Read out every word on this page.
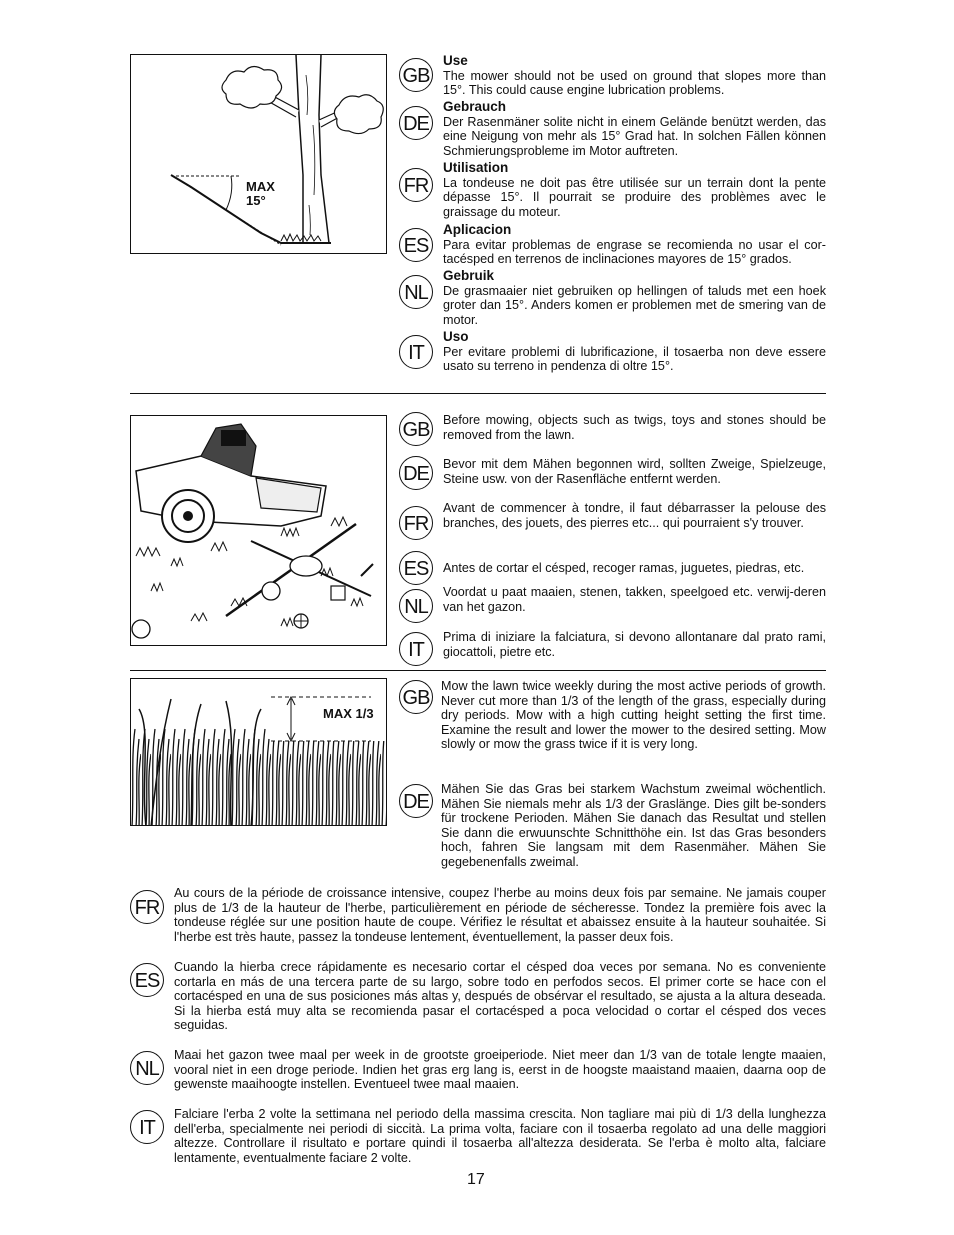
MAX
15°
GB
DE
FR
ES
NL
IT
Use
The mower should not be used on ground that slopes more than 15°. This could cause engine lubrication problems.
Gebrauch
Der Rasenmäner solite nicht in einem Gelände benützt werden, das eine Neigung von mehr als 15° Grad hat. In solchen Fällen können Schmierungsprobleme im Motor auftreten.
Utilisation
La tondeuse ne doit pas être utilisée sur un terrain dont la pente dépasse 15°. Il pourrait se produire des problèmes avec le graissage du moteur.
Aplicacion
Para evitar problemas de engrase se recomienda no usar el cor-tacésped en terrenos de inclinaciones mayores de 15° grados.
Gebruik
De grasmaaier niet gebruiken op hellingen of taluds met een hoek groter dan 15°. Anders komen er problemen met de smering van de motor.
Uso
Per evitare problemi di lubrificazione, il tosaerba non deve essere usato su terreno in pendenza di oltre 15°.
GB
DE
FR
ES
NL
IT
Before mowing, objects such as twigs, toys and stones should be removed from the lawn.
Bevor mit dem Mähen begonnen wird, sollten Zweige, Spielzeuge, Steine usw. von der Rasenfläche entfernt werden.
Avant de commencer à tondre, il faut débarrasser la pelouse des branches, des jouets, des pierres etc... qui pourraient s'y trouver.
Antes de cortar el césped, recoger ramas, juguetes, piedras, etc.
Voordat u paat maaien, stenen, takken, speelgoed etc. verwij-deren van het gazon.
Prima di iniziare la falciatura, si devono allontanare dal prato rami, giocattoli, pietre etc.
MAX 1/3
GB
DE
FR
ES
NL
IT
Mow the lawn twice weekly during the most active periods of growth. Never cut more than 1/3 of the length of the grass, especially during dry periods. Mow with a high cutting height setting the first time. Examine the result and lower the mower to the desired setting. Mow slowly or mow the grass twice if it is very long.
Mähen Sie das Gras bei starkem Wachstum zweimal wöchentlich. Mähen Sie niemals mehr als 1/3 der Graslänge. Dies gilt be-sonders für trockene Perioden. Mähen Sie danach das Resultat und stellen Sie dann die erwuunschte Schnitthöhe ein. Ist das Gras besonders hoch, fahren Sie langsam mit dem Rasenmäher. Mähen Sie gegebenenfalls zweimal.
Au cours de la période de croissance intensive, coupez l'herbe au moins deux fois par semaine. Ne jamais couper plus de 1/3 de la hauteur de l'herbe, particulièrement en période de sécheresse. Tondez la première fois avec la tondeuse réglée sur une position haute de coupe. Vérifiez le résultat et abaissez ensuite à la hauteur souhaitée. Si l'herbe est très haute, passez la tondeuse lentement, éventuellement, la passer deux fois.
Cuando la hierba crece rápidamente es necesario cortar el césped doa veces por semana. No es conveniente cortarla en más de una tercera parte de su largo, sobre todo en perfodos secos. El primer corte se hace con el cortacésped en una de sus posiciones más altas y, después de obsérvar el resultado, se ajusta a la altura deseada. Si la hierba está muy alta se recomienda pasar el cortacésped a poca velocidad o cortar el césped dos veces seguidas.
Maai het gazon twee maal per week in de grootste groeiperiode. Niet meer dan 1/3 van de totale lengte maaien, vooral niet in een droge periode. Indien het gras erg lang is, eerst in de hoogste maaistand maaien, daarna oop de gewenste maaihoogte instellen. Eventueel twee maal maaien.
Falciare l'erba 2 volte la settimana nel periodo della massima crescita. Non tagliare mai più di 1/3 della lunghezza dell'erba, specialmente nei periodi di siccità. La prima volta, faciare con il tosaerba regolato ad una delle maggiori altezze. Controllare il risultato e portare quindi il tosaerba all'altezza desiderata. Se l'erba è molto alta, falciare lentamente, eventualmente faciare 2 volte.
17
